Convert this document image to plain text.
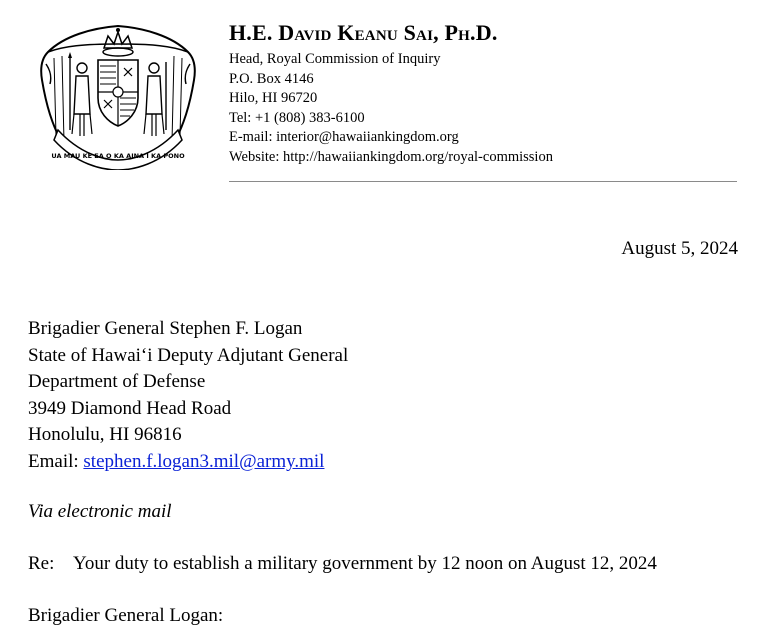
UA MAU KE EA O KA AINA I KA PONO
H.E. David Keanu Sai, Ph.D.
Head, Royal Commission of Inquiry
P.O. Box 4146
Hilo, HI 96720
Tel: +1 (808) 383-6100
E-mail: interior@hawaiiankingdom.org
Website: http://hawaiiankingdom.org/royal-commission
August 5, 2024
Brigadier General Stephen F. Logan
State of Hawaiʻi Deputy Adjutant General
Department of Defense
3949 Diamond Head Road
Honolulu, HI 96816
Email: stephen.f.logan3.mil@army.mil
Via electronic mail
Re: Your duty to establish a military government by 12 noon on August 12, 2024
Brigadier General Logan:
